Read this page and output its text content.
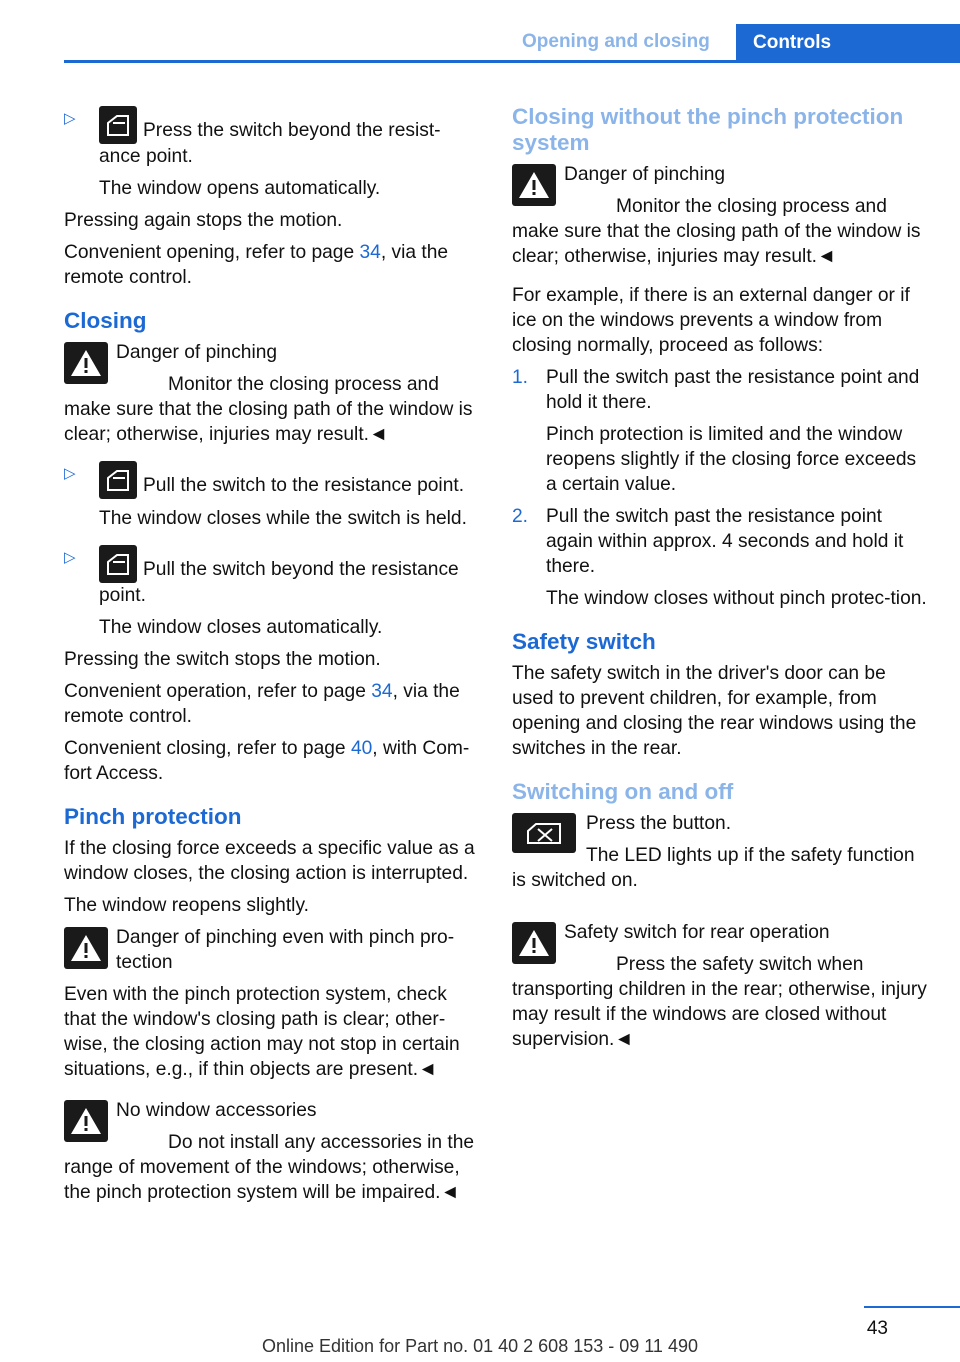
Opening and closing	Controls
▷
Press the switch beyond the resist-ance point.

The window opens automatically.

Pressing again stops the motion.

Convenient opening, refer to page 34, via the remote control.

Closing

Danger of pinching

Monitor the closing process and make sure that the closing path of the window is clear; otherwise, injuries may result.◄

▷
Pull the switch to the resistance point.

The window closes while the switch is held.

▷
Pull the switch beyond the resistance point.

The window closes automatically.

Pressing the switch stops the motion.

Convenient operation, refer to page 34, via the remote control.

Convenient closing, refer to page 40, with Com-fort Access.

Pinch protection

If the closing force exceeds a specific value as a window closes, the closing action is interrupted.

The window reopens slightly.

Danger of pinching even with pinch pro-tection

Even with the pinch protection system, check that the window's closing path is clear; other-wise, the closing action may not stop in certain situations, e.g., if thin objects are present.◄

No window accessories

Do not install any accessories in the range of movement of the windows; otherwise, the pinch protection system will be impaired.◄

Closing without the pinch protection system

Danger of pinching

Monitor the closing process and make sure that the closing path of the window is clear; otherwise, injuries may result.◄

For example, if there is an external danger or if ice on the windows prevents a window from closing normally, proceed as follows:

1. Pull the switch past the resistance point and hold it there.

Pinch protection is limited and the window reopens slightly if the closing force exceeds a certain value.

2. Pull the switch past the resistance point again within approx. 4 seconds and hold it there.

The window closes without pinch protec-tion.

Safety switch

The safety switch in the driver's door can be used to prevent children, for example, from opening and closing the rear windows using the switches in the rear.

Switching on and off

Press the button.

The LED lights up if the safety function is switched on.

Safety switch for rear operation

Press the safety switch when transporting children in the rear; otherwise, injury may result if the windows are closed without supervision.◄

43
Online Edition for Part no. 01 40 2 608 153 - 09 11 490
